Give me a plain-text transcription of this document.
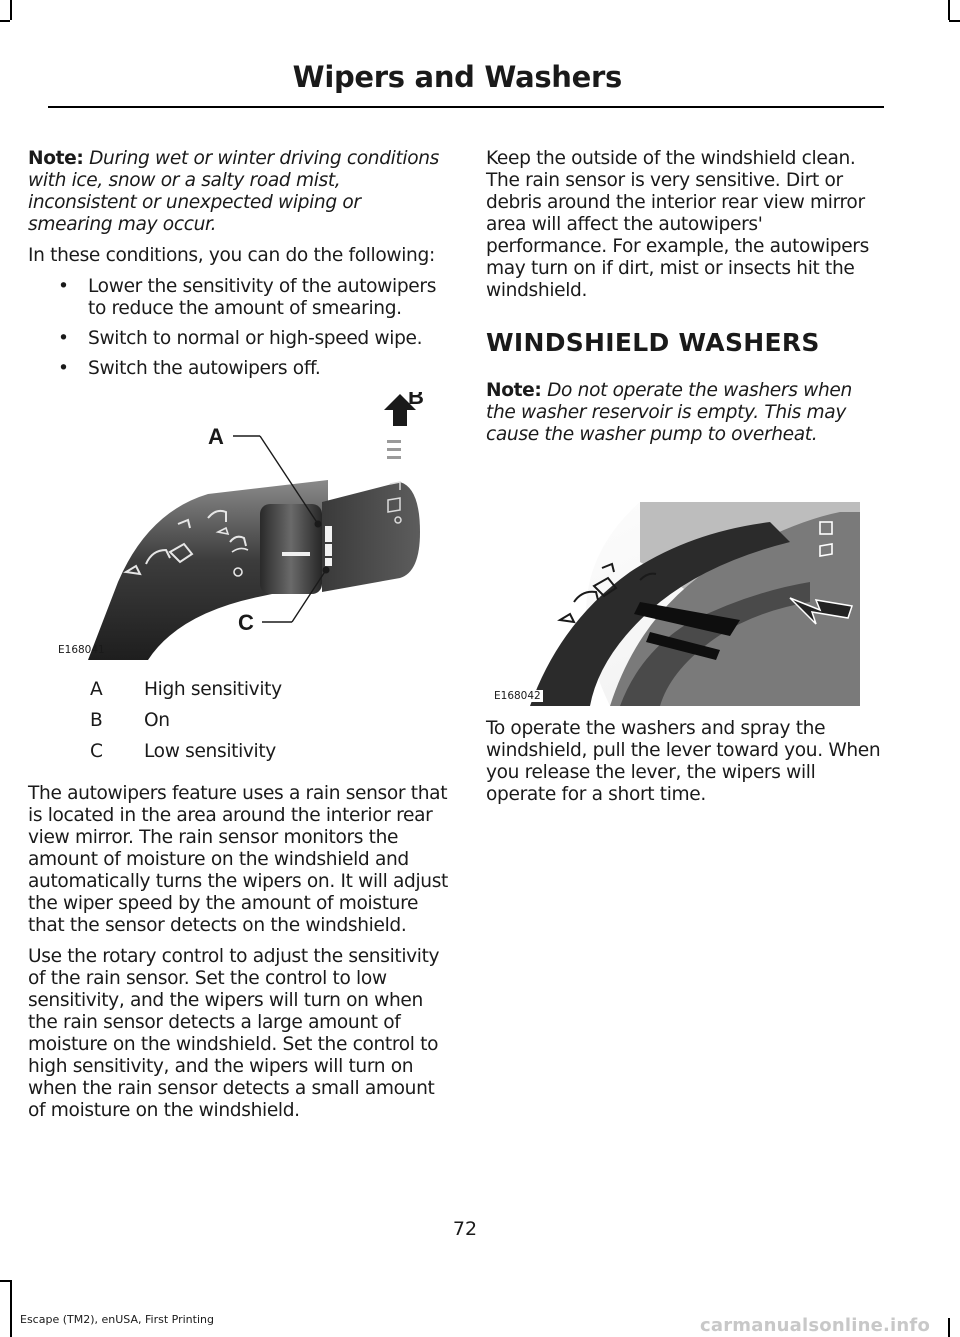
Wipers and Washers

Note: During wet or winter driving conditions with ice, snow or a salty road mist, inconsistent or unexpected wiping or smearing may occur.

In these conditions, you can do the following:

• Lower the sensitivity of the autowipers to reduce the amount of smearing.
• Switch to normal or high-speed wipe.
• Switch the autowipers off.
A
B
C
E168041
A	High sensitivity
B	On
C	Low sensitivity

The autowipers feature uses a rain sensor that is located in the area around the interior rear view mirror. The rain sensor monitors the amount of moisture on the windshield and automatically turns the wipers on. It will adjust the wiper speed by the amount of moisture that the sensor detects on the windshield.

Use the rotary control to adjust the sensitivity of the rain sensor. Set the control to low sensitivity, and the wipers will turn on when the rain sensor detects a large amount of moisture on the windshield. Set the control to high sensitivity, and the wipers will turn on when the rain sensor detects a small amount of moisture on the windshield.

Keep the outside of the windshield clean. The rain sensor is very sensitive. Dirt or debris around the interior rear view mirror area will affect the autowipers' performance. For example, the autowipers may turn on if dirt, mist or insects hit the windshield.

WINDSHIELD WASHERS

Note: Do not operate the washers when the washer reservoir is empty. This may cause the washer pump to overheat.

E168042

To operate the washers and spray the windshield, pull the lever toward you. When you release the lever, the wipers will operate for a short time.

72
Escape (TM2), enUSA, First Printing	carmanualsonline.info
